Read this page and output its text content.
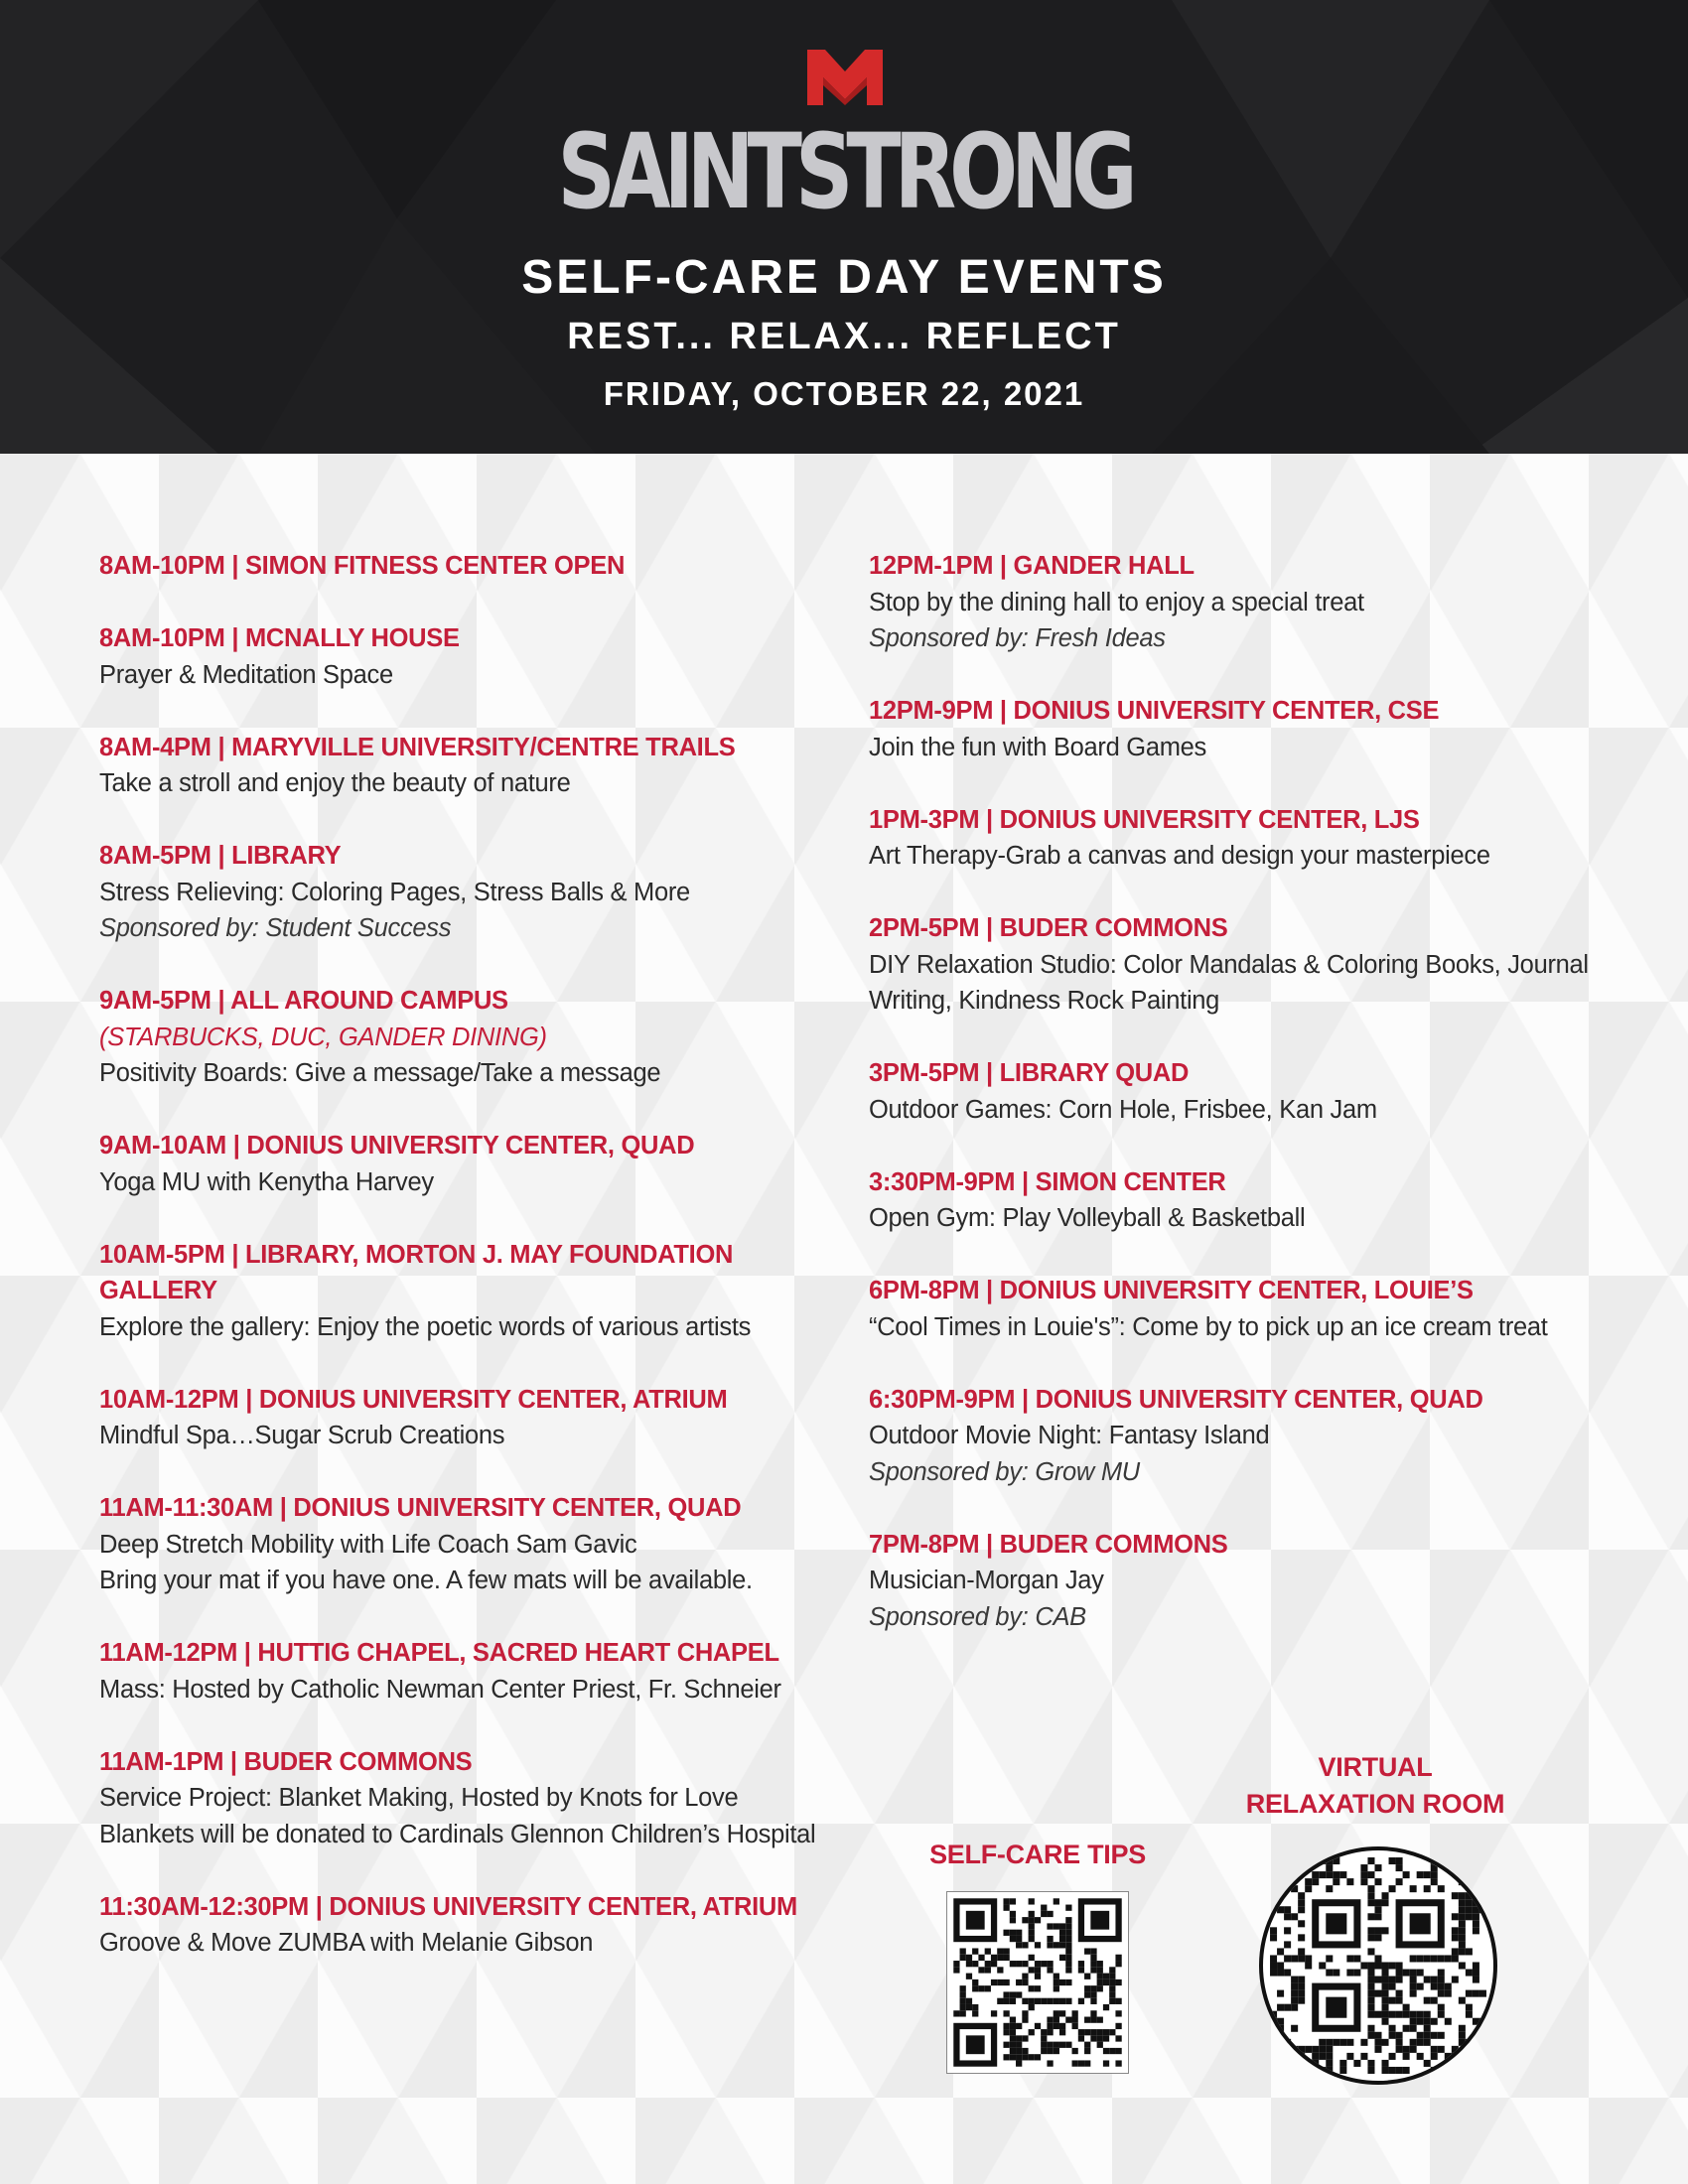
SAINTSTRONG
SELF-CARE DAY EVENTS
REST... RELAX... REFLECT
FRIDAY, OCTOBER 22, 2021
8AM-10PM | SIMON FITNESS CENTER OPEN
8AM-10PM | MCNALLY HOUSE
Prayer & Meditation Space
8AM-4PM | MARYVILLE UNIVERSITY/CENTRE TRAILS
Take a stroll and enjoy the beauty of nature
8AM-5PM | LIBRARY
Stress Relieving: Coloring Pages, Stress Balls & More
Sponsored by: Student Success
9AM-5PM | ALL AROUND CAMPUS
(STARBUCKS, DUC, GANDER DINING)
Positivity Boards: Give a message/Take a message
9AM-10AM | DONIUS UNIVERSITY CENTER, QUAD
Yoga MU with Kenytha Harvey
10AM-5PM | LIBRARY, MORTON J. MAY FOUNDATION
GALLERY
Explore the gallery: Enjoy the poetic words of various artists
10AM-12PM | DONIUS UNIVERSITY CENTER, ATRIUM
Mindful Spa…Sugar Scrub Creations
11AM-11:30AM | DONIUS UNIVERSITY CENTER, QUAD
Deep Stretch Mobility with Life Coach Sam Gavic
Bring your mat if you have one. A few mats will be available.
11AM-12PM | HUTTIG CHAPEL, SACRED HEART CHAPEL
Mass: Hosted by Catholic Newman Center Priest, Fr. Schneier
11AM-1PM | BUDER COMMONS
Service Project: Blanket Making, Hosted by Knots for Love
Blankets will be donated to Cardinals Glennon Children’s Hospital
11:30AM-12:30PM | DONIUS UNIVERSITY CENTER, ATRIUM
Groove & Move ZUMBA with Melanie Gibson
12PM-1PM | GANDER HALL
Stop by the dining hall to enjoy a special treat
Sponsored by: Fresh Ideas
12PM-9PM | DONIUS UNIVERSITY CENTER, CSE
Join the fun with Board Games
1PM-3PM | DONIUS UNIVERSITY CENTER, LJS
Art Therapy-Grab a canvas and design your masterpiece
2PM-5PM | BUDER COMMONS
DIY Relaxation Studio: Color Mandalas & Coloring Books, Journal
Writing, Kindness Rock Painting
3PM-5PM | LIBRARY QUAD
Outdoor Games: Corn Hole, Frisbee, Kan Jam
3:30PM-9PM | SIMON CENTER
Open Gym: Play Volleyball & Basketball
6PM-8PM | DONIUS UNIVERSITY CENTER, LOUIE’S
“Cool Times in Louie's”: Come by to pick up an ice cream treat
6:30PM-9PM | DONIUS UNIVERSITY CENTER, QUAD
Outdoor Movie Night: Fantasy Island
Sponsored by: Grow MU
7PM-8PM | BUDER COMMONS
Musician-Morgan Jay
Sponsored by: CAB
SELF-CARE TIPS
VIRTUAL
RELAXATION ROOM
